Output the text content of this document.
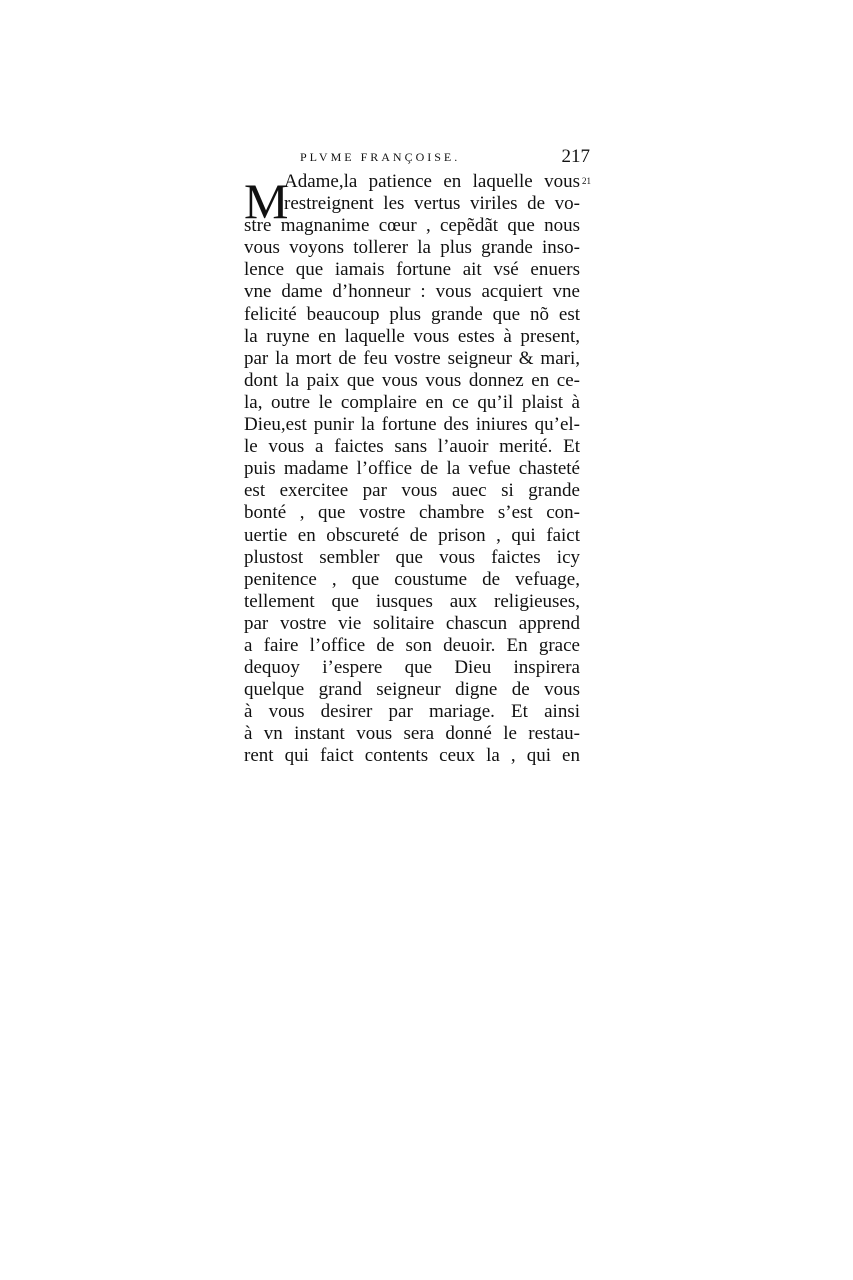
PLVME FRANÇOISE.	217
21
M
Adame,la patience en laquelle vous
restreignent les vertus viriles de vo-
stre magnanime cœur , cepẽdãt que nous
vous voyons tollerer la plus grande inso-
lence que iamais fortune ait vsé enuers
vne dame d’honneur : vous acquiert vne
felicité beaucoup plus grande que nõ est
la ruyne en laquelle vous estes à present,
par la mort de feu vostre seigneur & mari,
dont la paix que vous vous donnez en ce-
la, outre le complaire en ce qu’il plaist à
Dieu,est punir la fortune des iniures qu’el-
le vous a faictes sans l’auoir merité. Et
puis madame l’office de la vefue chasteté
est exercitee par vous auec si grande
bonté , que vostre chambre s’est con-
uertie en obscureté de prison , qui faict
plustost sembler que vous faictes icy
penitence , que coustume de vefuage,
tellement que iusques aux religieuses,
par vostre vie solitaire chascun apprend
a faire l’office de son deuoir. En grace
dequoy i’espere que Dieu inspirera
quelque grand seigneur digne de vous
à vous desirer par mariage. Et ainsi
à vn instant vous sera donné le restau-
rent qui faict contents ceux la , qui en
